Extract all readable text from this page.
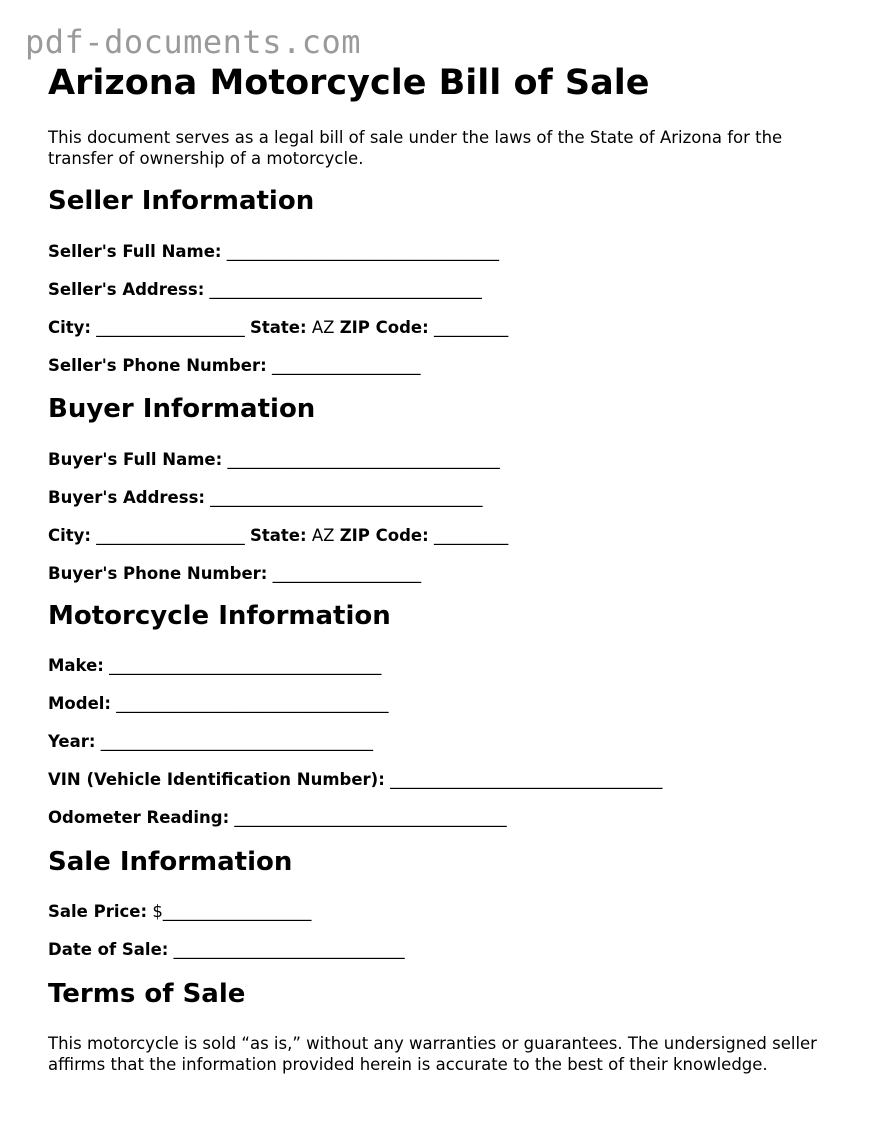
pdf-documents.com
Arizona Motorcycle Bill of Sale

This document serves as a legal bill of sale under the laws of the State of Arizona for the transfer of ownership of a motorcycle.

Seller Information

Seller's Full Name: _________________________________

Seller's Address: _________________________________

City: __________________ State: AZ ZIP Code: _________

Seller's Phone Number: __________________

Buyer Information

Buyer's Full Name: _________________________________

Buyer's Address: _________________________________

City: __________________ State: AZ ZIP Code: _________

Buyer's Phone Number: __________________

Motorcycle Information

Make: _________________________________

Model: _________________________________

Year: _________________________________

VIN (Vehicle Identification Number): _________________________________

Odometer Reading: _________________________________

Sale Information

Sale Price: $__________________

Date of Sale: ____________________________

Terms of Sale

This motorcycle is sold “as is,” without any warranties or guarantees. The undersigned seller affirms that the information provided herein is accurate to the best of their knowledge.
